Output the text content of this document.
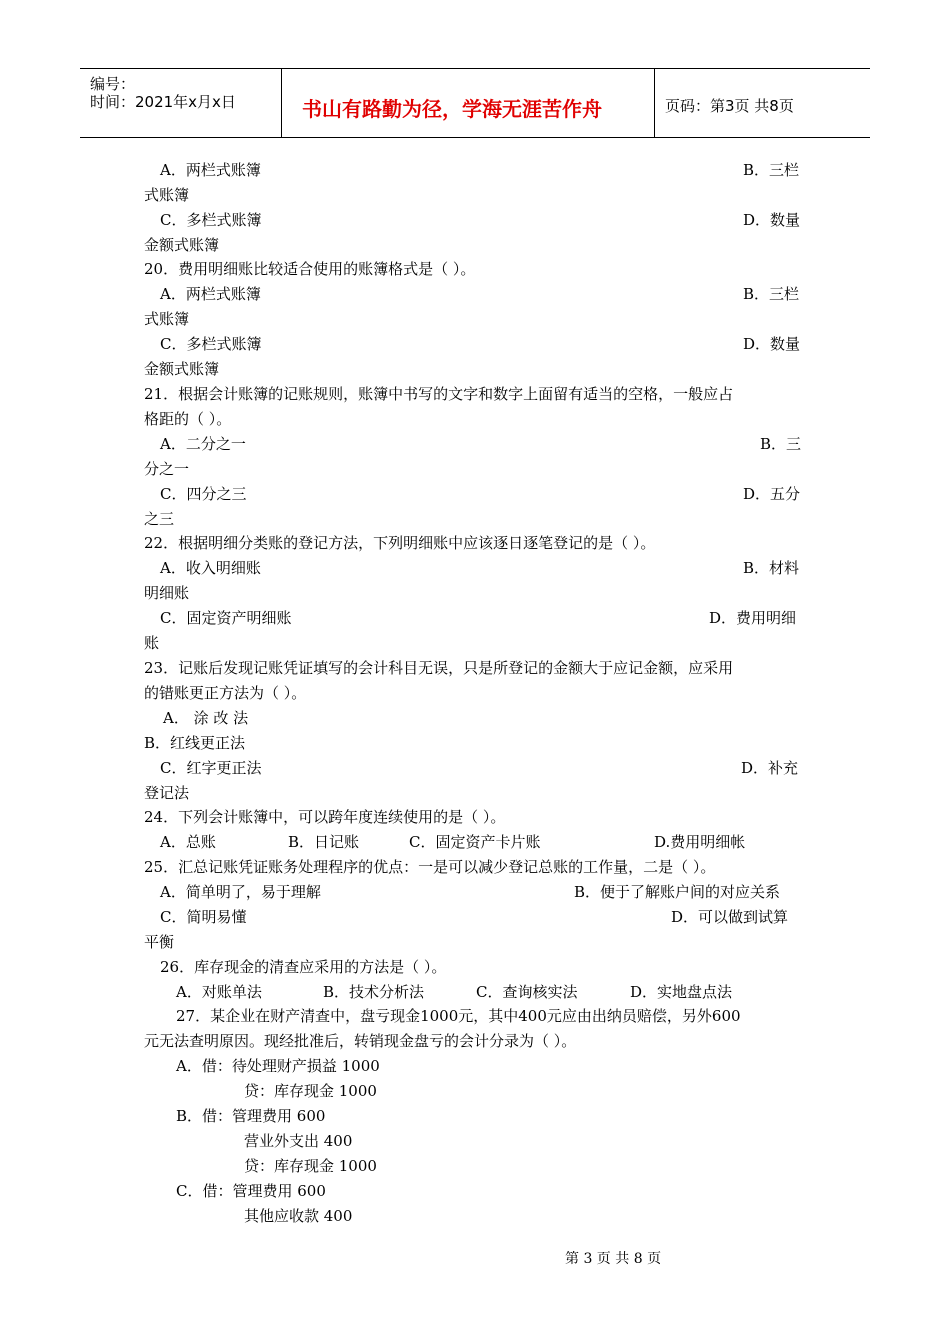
编号：
时间：2021年x月x日	书山有路勤为径，学海无涯苦作舟	页码：第3页 共8页
A．两栏式账簿	B．三栏
式账簿
C．多栏式账簿	D．数量
金额式账簿
20．费用明细账比较适合使用的账簿格式是（ ）。
A．两栏式账簿	B．三栏
式账簿
C．多栏式账簿	D．数量
金额式账簿
21．根据会计账簿的记账规则，账簿中书写的文字和数字上面留有适当的空格，一般应占
格距的（ ）。
A．二分之一	B．三
分之一
C．四分之三	D．五分
之三
22．根据明细分类账的登记方法，下列明细账中应该逐日逐笔登记的是（ ）。
A．收入明细账	B．材料
明细账
C．固定资产明细账	D．费用明细
账
23．记账后发现记账凭证填写的会计科目无误，只是所登记的金额大于应记金额，应采用
的错账更正方法为（ ）。
A． 涂 改 法
B．红线更正法
C．红字更正法	D．补充
登记法
24．下列会计账簿中，可以跨年度连续使用的是（ ）。
A．总账	B．日记账	C．固定资产卡片账	D.费用明细帐
25．汇总记账凭证账务处理程序的优点：一是可以减少登记总账的工作量，二是（ ）。
A．简单明了，易于理解	B．便于了解账户间的对应关系
C．简明易懂	D．可以做到试算
平衡
26．库存现金的清查应采用的方法是（ ）。
A．对账单法	B．技术分析法	C．查询核实法	D．实地盘点法
27．某企业在财产清查中，盘亏现金1000元，其中400元应由出纳员赔偿，另外600
元无法查明原因。现经批准后，转销现金盘亏的会计分录为（ ）。
A．借：待处理财产损益 1000
贷：库存现金 1000
B．借：管理费用 600
营业外支出 400
贷：库存现金 1000
C．借：管理费用 600
其他应收款 400
第 3 页 共 8 页
